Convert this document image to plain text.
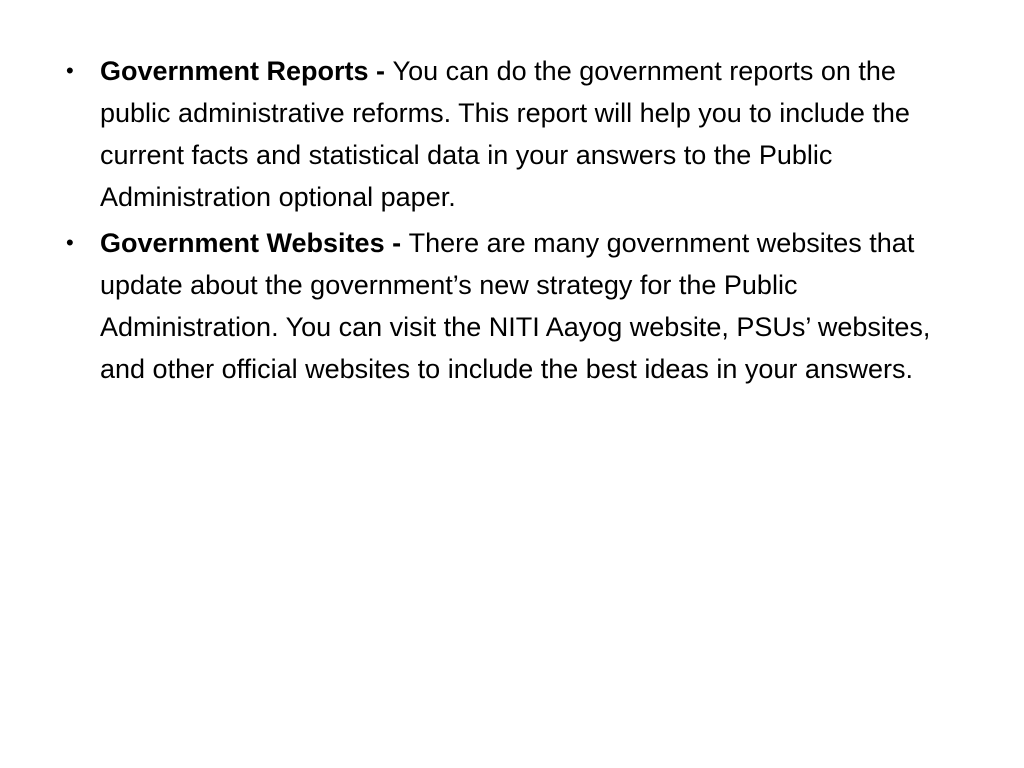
• Government Reports - You can do the government reports on the public administrative reforms. This report will help you to include the current facts and statistical data in your answers to the Public Administration optional paper.
• Government Websites - There are many government websites that update about the government’s new strategy for the Public Administration. You can visit the NITI Aayog website, PSUs’ websites, and other official websites to include the best ideas in your answers.
